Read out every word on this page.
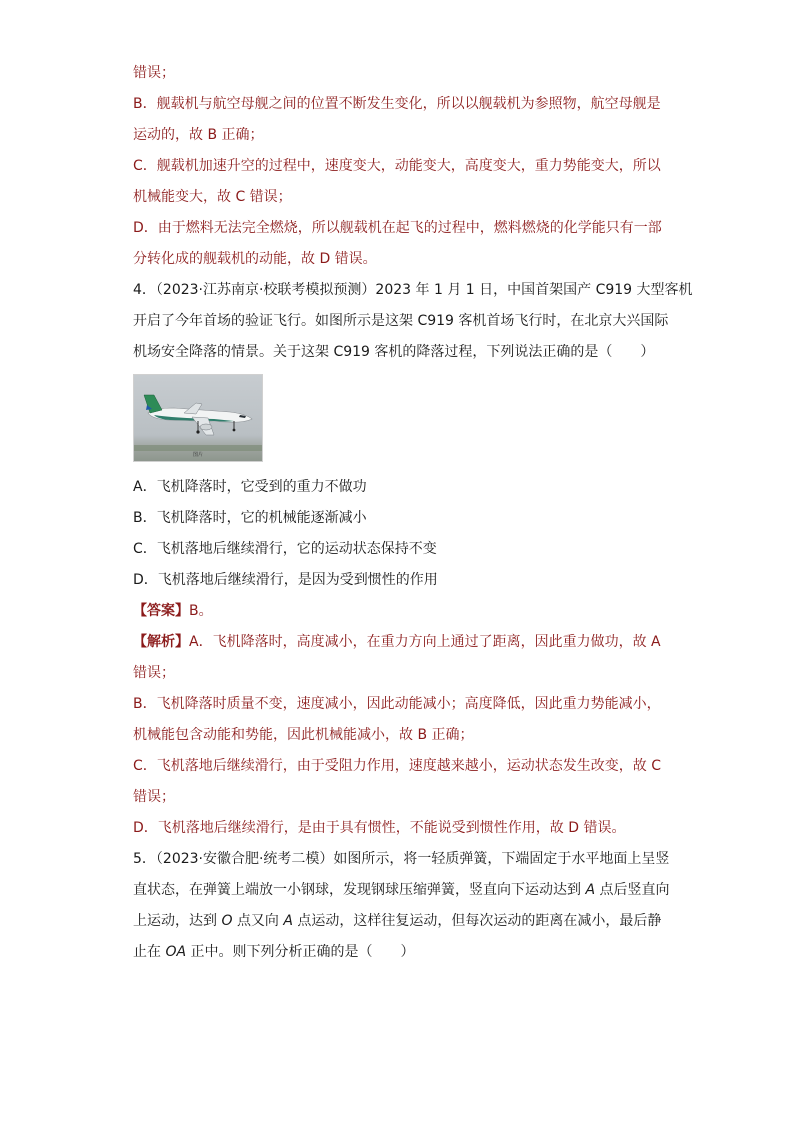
错误；
B．舰载机与航空母舰之间的位置不断发生变化，所以以舰载机为参照物，航空母舰是
运动的，故 B 正确；
C．舰载机加速升空的过程中，速度变大，动能变大，高度变大，重力势能变大，所以
机械能变大，故 C 错误；
D．由于燃料无法完全燃烧，所以舰载机在起飞的过程中，燃料燃烧的化学能只有一部
分转化成的舰载机的动能，故 D 错误。
4．（2023·江苏南京·校联考模拟预测）2023 年 1 月 1 日，中国首架国产 C919 大型客机
开启了今年首场的验证飞行。如图所示是这架 C919 客机首场飞行时，在北京大兴国际
机场安全降落的情景。关于这架 C919 客机的降落过程，下列说法正确的是（　　）
图片
A．飞机降落时，它受到的重力不做功
B．飞机降落时，它的机械能逐渐减小
C．飞机落地后继续滑行，它的运动状态保持不变
D．飞机落地后继续滑行，是因为受到惯性的作用
【答案】B。
【解析】A．飞机降落时，高度减小，在重力方向上通过了距离，因此重力做功，故 A
错误；
B．飞机降落时质量不变，速度减小，因此动能减小；高度降低，因此重力势能减小，
机械能包含动能和势能，因此机械能减小，故 B 正确；
C．飞机落地后继续滑行，由于受阻力作用，速度越来越小，运动状态发生改变，故 C
错误；
D．飞机落地后继续滑行，是由于具有惯性，不能说受到惯性作用，故 D 错误。
5．（2023·安徽合肥·统考二模）如图所示，将一轻质弹簧，下端固定于水平地面上呈竖
直状态，在弹簧上端放一小钢球，发现钢球压缩弹簧，竖直向下运动达到 A 点后竖直向
上运动，达到 O 点又向 A 点运动，这样往复运动，但每次运动的距离在减小，最后静
止在 OA 正中。则下列分析正确的是（　　）
